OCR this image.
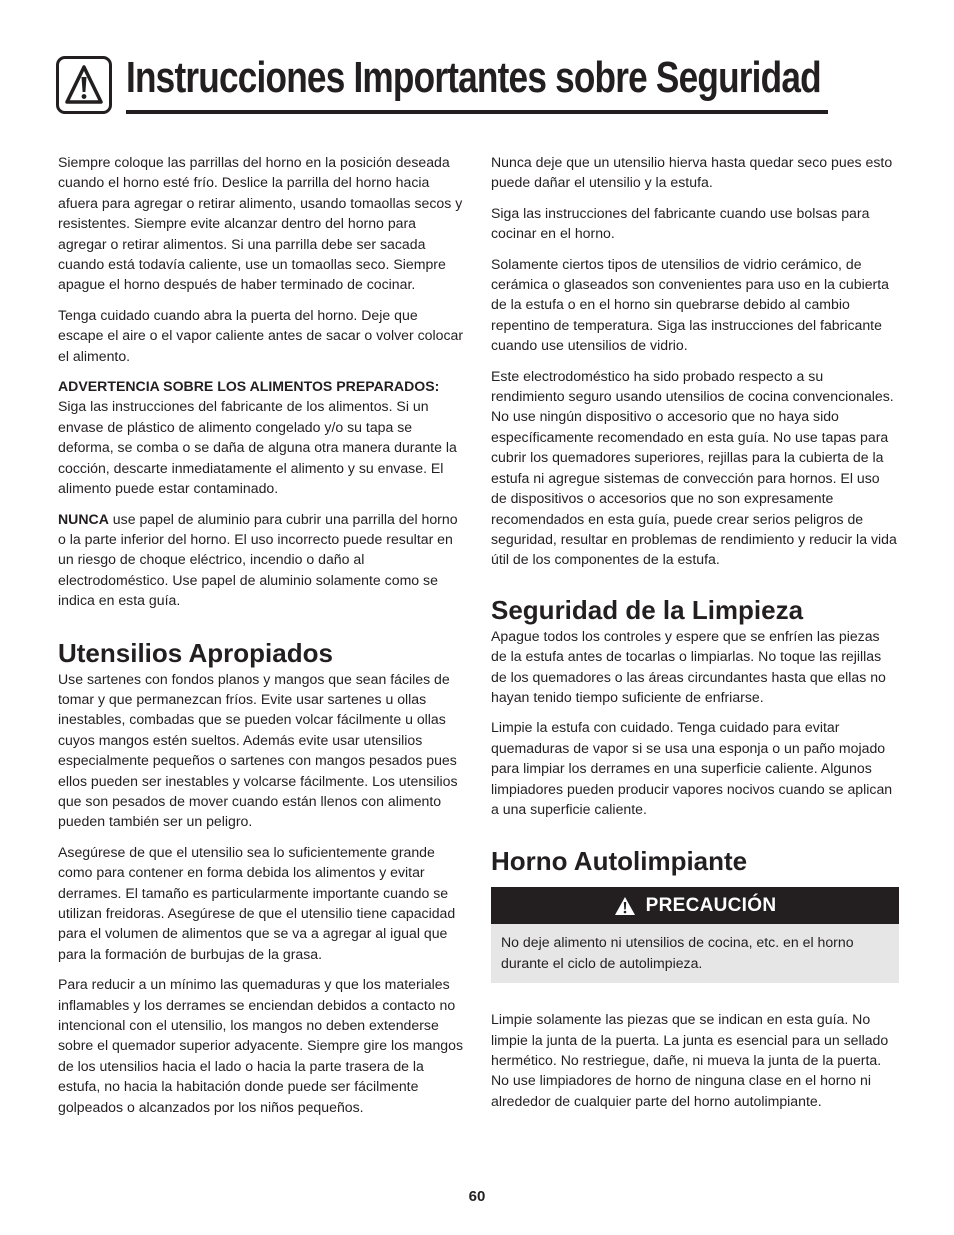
Instrucciones Importantes sobre Seguridad

Siempre coloque las parrillas del horno en la posición deseada cuando el horno esté frío. Deslice la parrilla del horno hacia afuera para agregar o retirar alimento, usando tomaollas secos y resistentes. Siempre evite alcanzar dentro del horno para agregar o retirar alimentos. Si una parrilla debe ser sacada cuando está todavía caliente, use un tomaollas seco. Siempre apague el horno después de haber terminado de cocinar.

Tenga cuidado cuando abra la puerta del horno. Deje que escape el aire o el vapor caliente antes de sacar o volver colocar el alimento.

ADVERTENCIA SOBRE LOS ALIMENTOS PREPARADOS:
Siga las instrucciones del fabricante de los alimentos. Si un envase de plástico de alimento congelado y/o su tapa se deforma, se comba o se daña de alguna otra manera durante la cocción, descarte inmediatamente el alimento y su envase. El alimento puede estar contaminado.

NUNCA use papel de aluminio para cubrir una parrilla del horno o la parte inferior del horno. El uso incorrecto puede resultar en un riesgo de choque eléctrico, incendio o daño al electrodoméstico. Use papel de aluminio solamente como se indica en esta guía.

Utensilios Apropiados

Use sartenes con fondos planos y mangos que sean fáciles de tomar y que permanezcan fríos. Evite usar sartenes u ollas inestables, combadas que se pueden volcar fácilmente u ollas cuyos mangos estén sueltos. Además evite usar utensilios especialmente pequeños o sartenes con mangos pesados pues ellos pueden ser inestables y volcarse fácilmente. Los utensilios que son pesados de mover cuando están llenos con alimento pueden también ser un peligro.

Asegúrese de que el utensilio sea lo suficientemente grande como para contener en forma debida los alimentos y evitar derrames. El tamaño es particularmente importante cuando se utilizan freidoras. Asegúrese de que el utensilio tiene capacidad para el volumen de alimentos que se va a agregar al igual que para la formación de burbujas de la grasa.

Para reducir a un mínimo las quemaduras y que los materiales inflamables y los derrames se enciendan debidos a contacto no intencional con el utensilio, los mangos no deben extenderse sobre el quemador superior adyacente. Siempre gire los mangos de los utensilios hacia el lado o hacia la parte trasera de la estufa, no hacia la habitación donde puede ser fácilmente golpeados o alcanzados por los niños pequeños.

Nunca deje que un utensilio hierva hasta quedar seco pues esto puede dañar el utensilio y la estufa.

Siga las instrucciones del fabricante cuando use bolsas para cocinar en el horno.

Solamente ciertos tipos de utensilios de vidrio cerámico, de cerámica o glaseados son convenientes para uso en la cubierta de la estufa o en el horno sin quebrarse debido al cambio repentino de temperatura. Siga las instrucciones del fabricante cuando use utensilios de vidrio.

Este electrodoméstico ha sido probado respecto a su rendimiento seguro usando utensilios de cocina convencionales. No use ningún dispositivo o accesorio que no haya sido específicamente recomendado en esta guía. No use tapas para cubrir los quemadores superiores, rejillas para la cubierta de la estufa ni agregue sistemas de convección para hornos. El uso de dispositivos o accesorios que no son expresamente recomendados en esta guía, puede crear serios peligros de seguridad, resultar en problemas de rendimiento y reducir la vida útil de los componentes de la estufa.

Seguridad de la Limpieza

Apague todos los controles y espere que se enfríen las piezas de la estufa antes de tocarlas o limpiarlas. No toque las rejillas de los quemadores o las áreas circundantes hasta que ellas no hayan tenido tiempo suficiente de enfriarse.

Limpie la estufa con cuidado. Tenga cuidado para evitar quemaduras de vapor si se usa una esponja o un paño mojado para limpiar los derrames en una superficie caliente. Algunos limpiadores pueden producir vapores nocivos cuando se aplican a una superficie caliente.

Horno Autolimpiante
PRECAUCIÓN

No deje alimento ni utensilios de cocina, etc. en el horno durante el ciclo de autolimpieza.

Limpie solamente las piezas que se indican en esta guía. No limpie la junta de la puerta. La junta es esencial para un sellado hermético. No restriegue, dañe, ni mueva la junta de la puerta. No use limpiadores de horno de ninguna clase en el horno ni alrededor de cualquier parte del horno autolimpiante.

60
